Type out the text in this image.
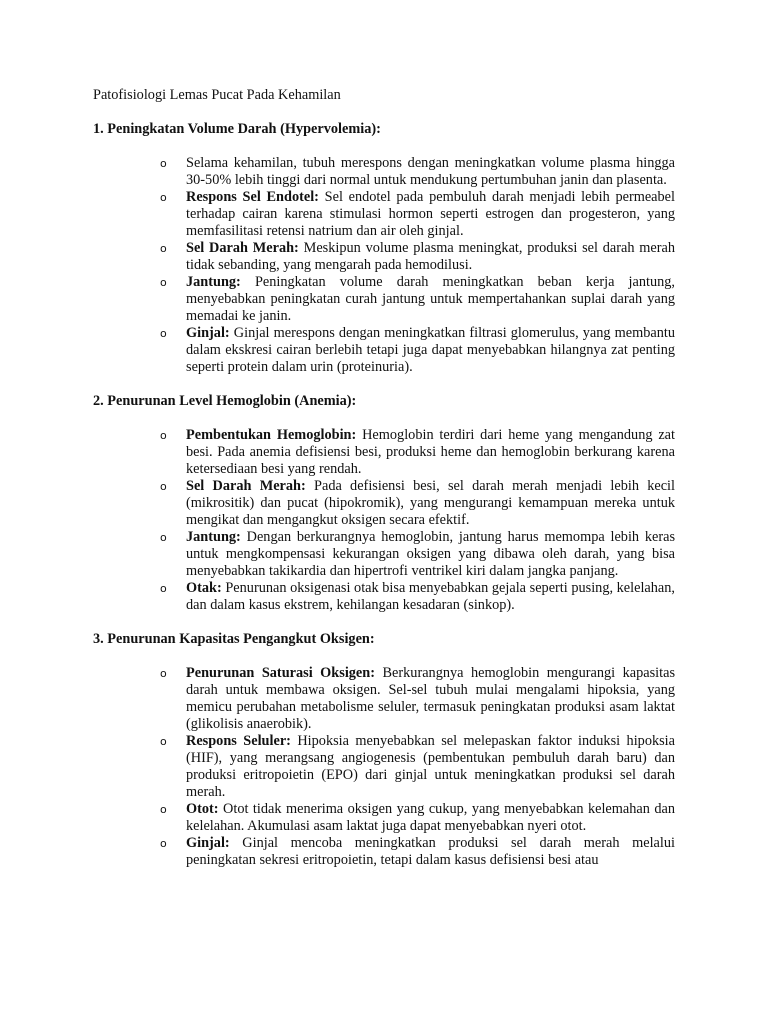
Patofisiologi Lemas Pucat Pada Kehamilan
1. Peningkatan Volume Darah (Hypervolemia):
o Selama kehamilan, tubuh merespons dengan meningkatkan volume plasma hingga 30-50% lebih tinggi dari normal untuk mendukung pertumbuhan janin dan plasenta.
o Respons Sel Endotel: Sel endotel pada pembuluh darah menjadi lebih permeabel terhadap cairan karena stimulasi hormon seperti estrogen dan progesteron, yang memfasilitasi retensi natrium dan air oleh ginjal.
o Sel Darah Merah: Meskipun volume plasma meningkat, produksi sel darah merah tidak sebanding, yang mengarah pada hemodilusi.
o Jantung: Peningkatan volume darah meningkatkan beban kerja jantung, menyebabkan peningkatan curah jantung untuk mempertahankan suplai darah yang memadai ke janin.
o Ginjal: Ginjal merespons dengan meningkatkan filtrasi glomerulus, yang membantu dalam ekskresi cairan berlebih tetapi juga dapat menyebabkan hilangnya zat penting seperti protein dalam urin (proteinuria).
2. Penurunan Level Hemoglobin (Anemia):
o Pembentukan Hemoglobin: Hemoglobin terdiri dari heme yang mengandung zat besi. Pada anemia defisiensi besi, produksi heme dan hemoglobin berkurang karena ketersediaan besi yang rendah.
o Sel Darah Merah: Pada defisiensi besi, sel darah merah menjadi lebih kecil (mikrositik) dan pucat (hipokromik), yang mengurangi kemampuan mereka untuk mengikat dan mengangkut oksigen secara efektif.
o Jantung: Dengan berkurangnya hemoglobin, jantung harus memompa lebih keras untuk mengkompensasi kekurangan oksigen yang dibawa oleh darah, yang bisa menyebabkan takikardia dan hipertrofi ventrikel kiri dalam jangka panjang.
o Otak: Penurunan oksigenasi otak bisa menyebabkan gejala seperti pusing, kelelahan, dan dalam kasus ekstrem, kehilangan kesadaran (sinkop).
3. Penurunan Kapasitas Pengangkut Oksigen:
o Penurunan Saturasi Oksigen: Berkurangnya hemoglobin mengurangi kapasitas darah untuk membawa oksigen. Sel-sel tubuh mulai mengalami hipoksia, yang memicu perubahan metabolisme seluler, termasuk peningkatan produksi asam laktat (glikolisis anaerobik).
o Respons Seluler: Hipoksia menyebabkan sel melepaskan faktor induksi hipoksia (HIF), yang merangsang angiogenesis (pembentukan pembuluh darah baru) dan produksi eritropoietin (EPO) dari ginjal untuk meningkatkan produksi sel darah merah.
o Otot: Otot tidak menerima oksigen yang cukup, yang menyebabkan kelemahan dan kelelahan. Akumulasi asam laktat juga dapat menyebabkan nyeri otot.
o Ginjal: Ginjal mencoba meningkatkan produksi sel darah merah melalui peningkatan sekresi eritropoietin, tetapi dalam kasus defisiensi besi atau
